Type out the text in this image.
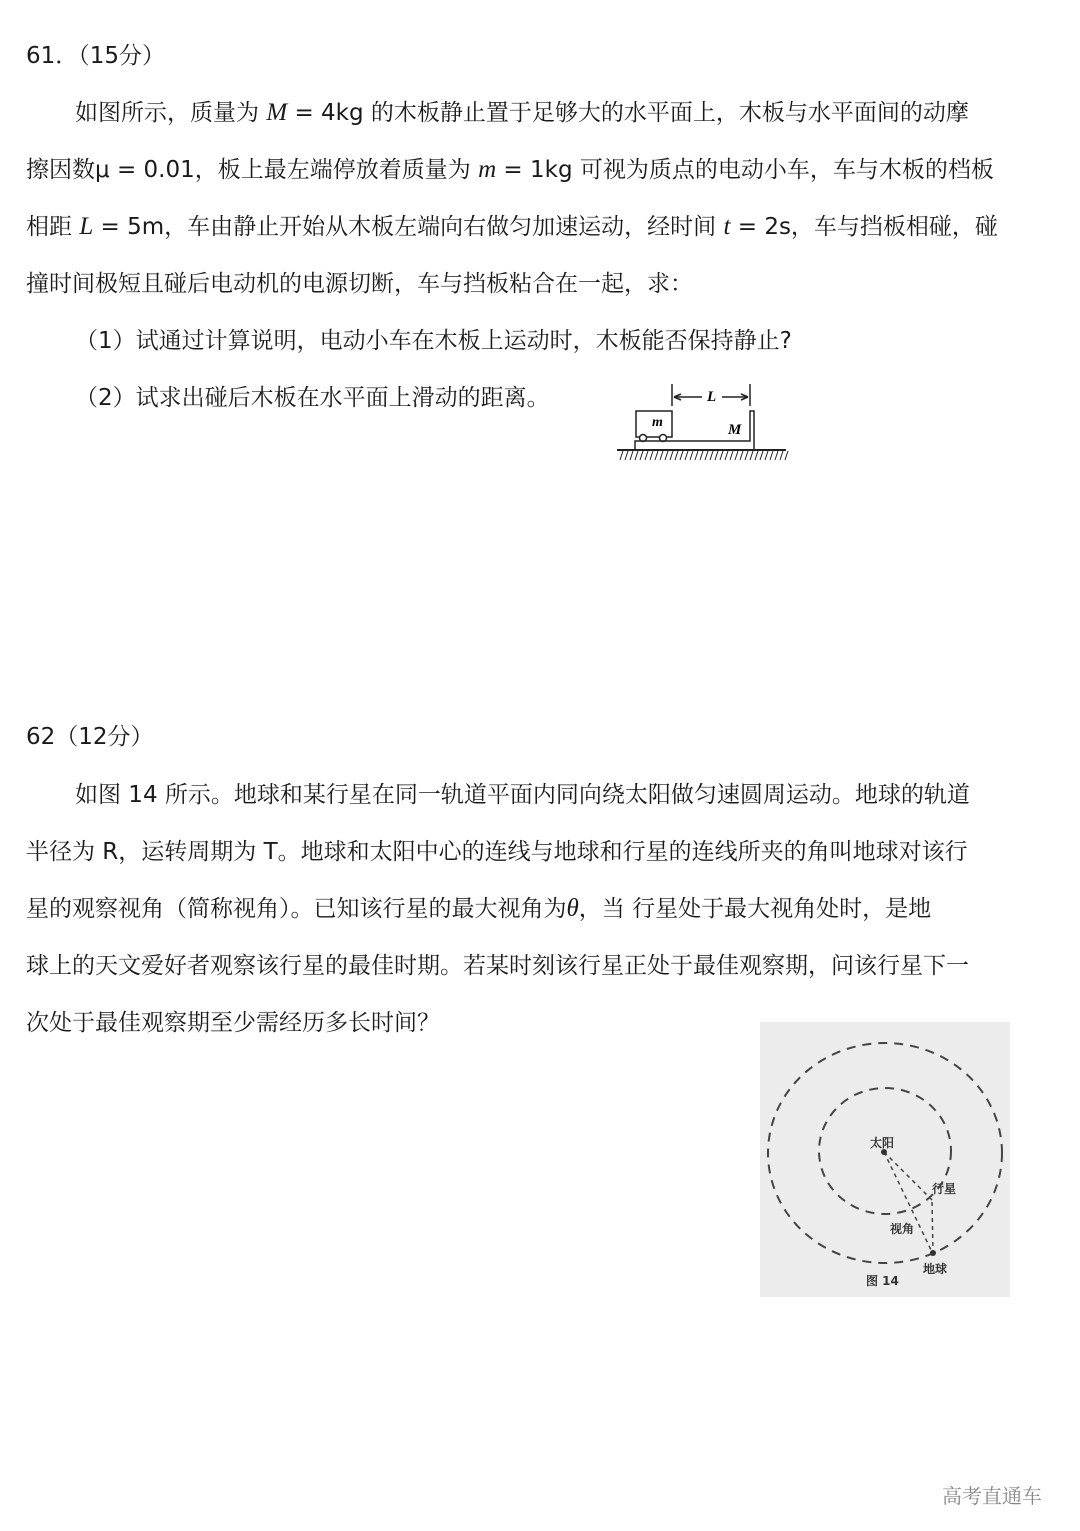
61．（15分）
如图所示，质量为 M = 4kg 的木板静止置于足够大的水平面上，木板与水平面间的动摩
擦因数μ = 0.01，板上最左端停放着质量为 m = 1kg 可视为质点的电动小车，车与木板的档板
相距 L = 5m，车由静止开始从木板左端向右做匀加速运动，经时间 t = 2s，车与挡板相碰，碰
撞时间极短且碰后电动机的电源切断，车与挡板粘合在一起，求：
（1）试通过计算说明，电动小车在木板上运动时，木板能否保持静止?
（2）试求出碰后木板在水平面上滑动的距离。	L
m	M
62（12分）
如图 14 所示。地球和某行星在同一轨道平面内同向绕太阳做匀速圆周运动。地球的轨道
半径为 R，运转周期为 T。地球和太阳中心的连线与地球和行星的连线所夹的角叫地球对该行
星的观察视角（简称视角）。已知该行星的最大视角为θ，当 行星处于最大视角处时，是地
球上的天文爱好者观察该行星的最佳时期。若某时刻该行星正处于最佳观察期，问该行星下一
次处于最佳观察期至少需经历多长时间？
太阳
行星
视角
地球
图 14
高考直通车
